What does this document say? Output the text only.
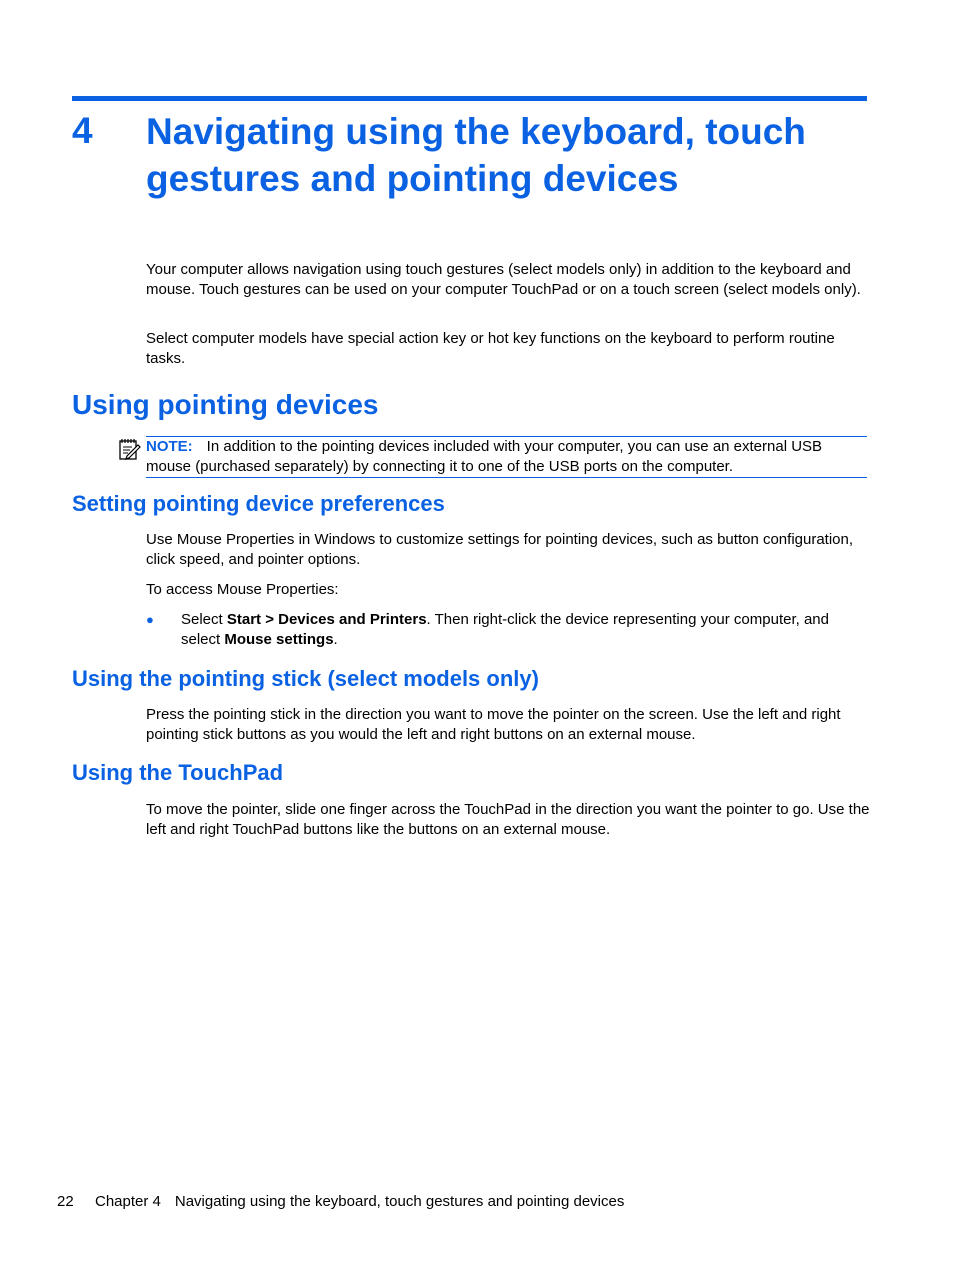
4 Navigating using the keyboard, touch gestures and pointing devices

Your computer allows navigation using touch gestures (select models only) in addition to the keyboard and mouse. Touch gestures can be used on your computer TouchPad or on a touch screen (select models only).

Select computer models have special action key or hot key functions on the keyboard to perform routine tasks.

Using pointing devices
NOTE: In addition to the pointing devices included with your computer, you can use an external USB mouse (purchased separately) by connecting it to one of the USB ports on the computer.
Setting pointing device preferences

Use Mouse Properties in Windows to customize settings for pointing devices, such as button configuration, click speed, and pointer options.

To access Mouse Properties:

● Select Start > Devices and Printers. Then right-click the device representing your computer, and select Mouse settings.
Using the pointing stick (select models only)

Press the pointing stick in the direction you want to move the pointer on the screen. Use the left and right pointing stick buttons as you would the left and right buttons on an external mouse.

Using the TouchPad

To move the pointer, slide one finger across the TouchPad in the direction you want the pointer to go. Use the left and right TouchPad buttons like the buttons on an external mouse.

22 Chapter 4 Navigating using the keyboard, touch gestures and pointing devices
